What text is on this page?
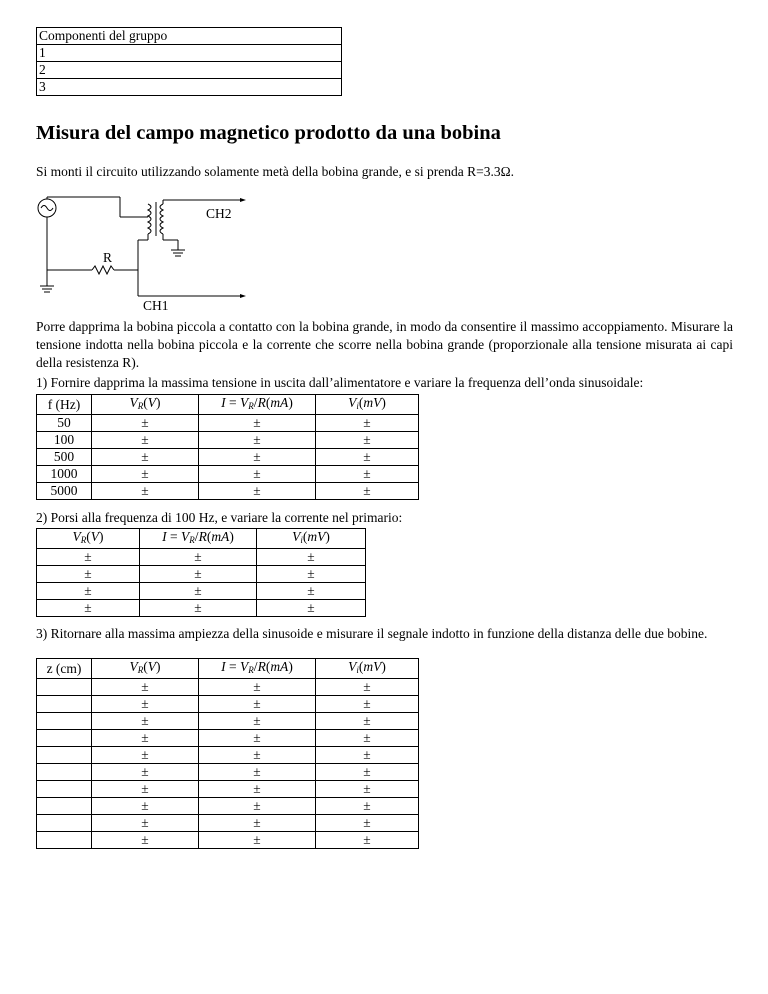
Componenti del gruppo
1
2
3
Misura del campo magnetico prodotto da una bobina
Si monti il circuito utilizzando solamente metà della bobina grande, e si prenda R=3.3Ω.
CH2
R
CH1
Porre dapprima la bobina piccola a contatto con la bobina grande, in modo da consentire il massimo accoppiamento. Misurare la tensione indotta nella bobina piccola e la corrente che scorre nella bobina grande (proporzionale alla tensione misurata ai capi della resistenza R).
1) Fornire dapprima la massima tensione in uscita dall’alimentatore e variare la frequenza dell’onda sinusoidale:
f (Hz)	$V_R(V)$	$I = V_R/R(mA)$	$V_i(mV)$
50	±	±	±
100	±	±	±
500	±	±	±
1000	±	±	±
5000	±	±	±
2) Porsi alla frequenza di 100 Hz, e variare la corrente nel primario:
$V_R(V)$	$I = V_R/R(mA)$	$V_i(mV)$
±	±	±
±	±	±
±	±	±
±	±	±
3) Ritornare alla massima ampiezza della sinusoide e misurare il segnale indotto in funzione della distanza delle due bobine.
z (cm)	$V_R(V)$	$I = V_R/R(mA)$	$V_i(mV)$
	±	±	±
	±	±	±
	±	±	±
	±	±	±
	±	±	±
	±	±	±
	±	±	±
	±	±	±
	±	±	±
	±	±	±
